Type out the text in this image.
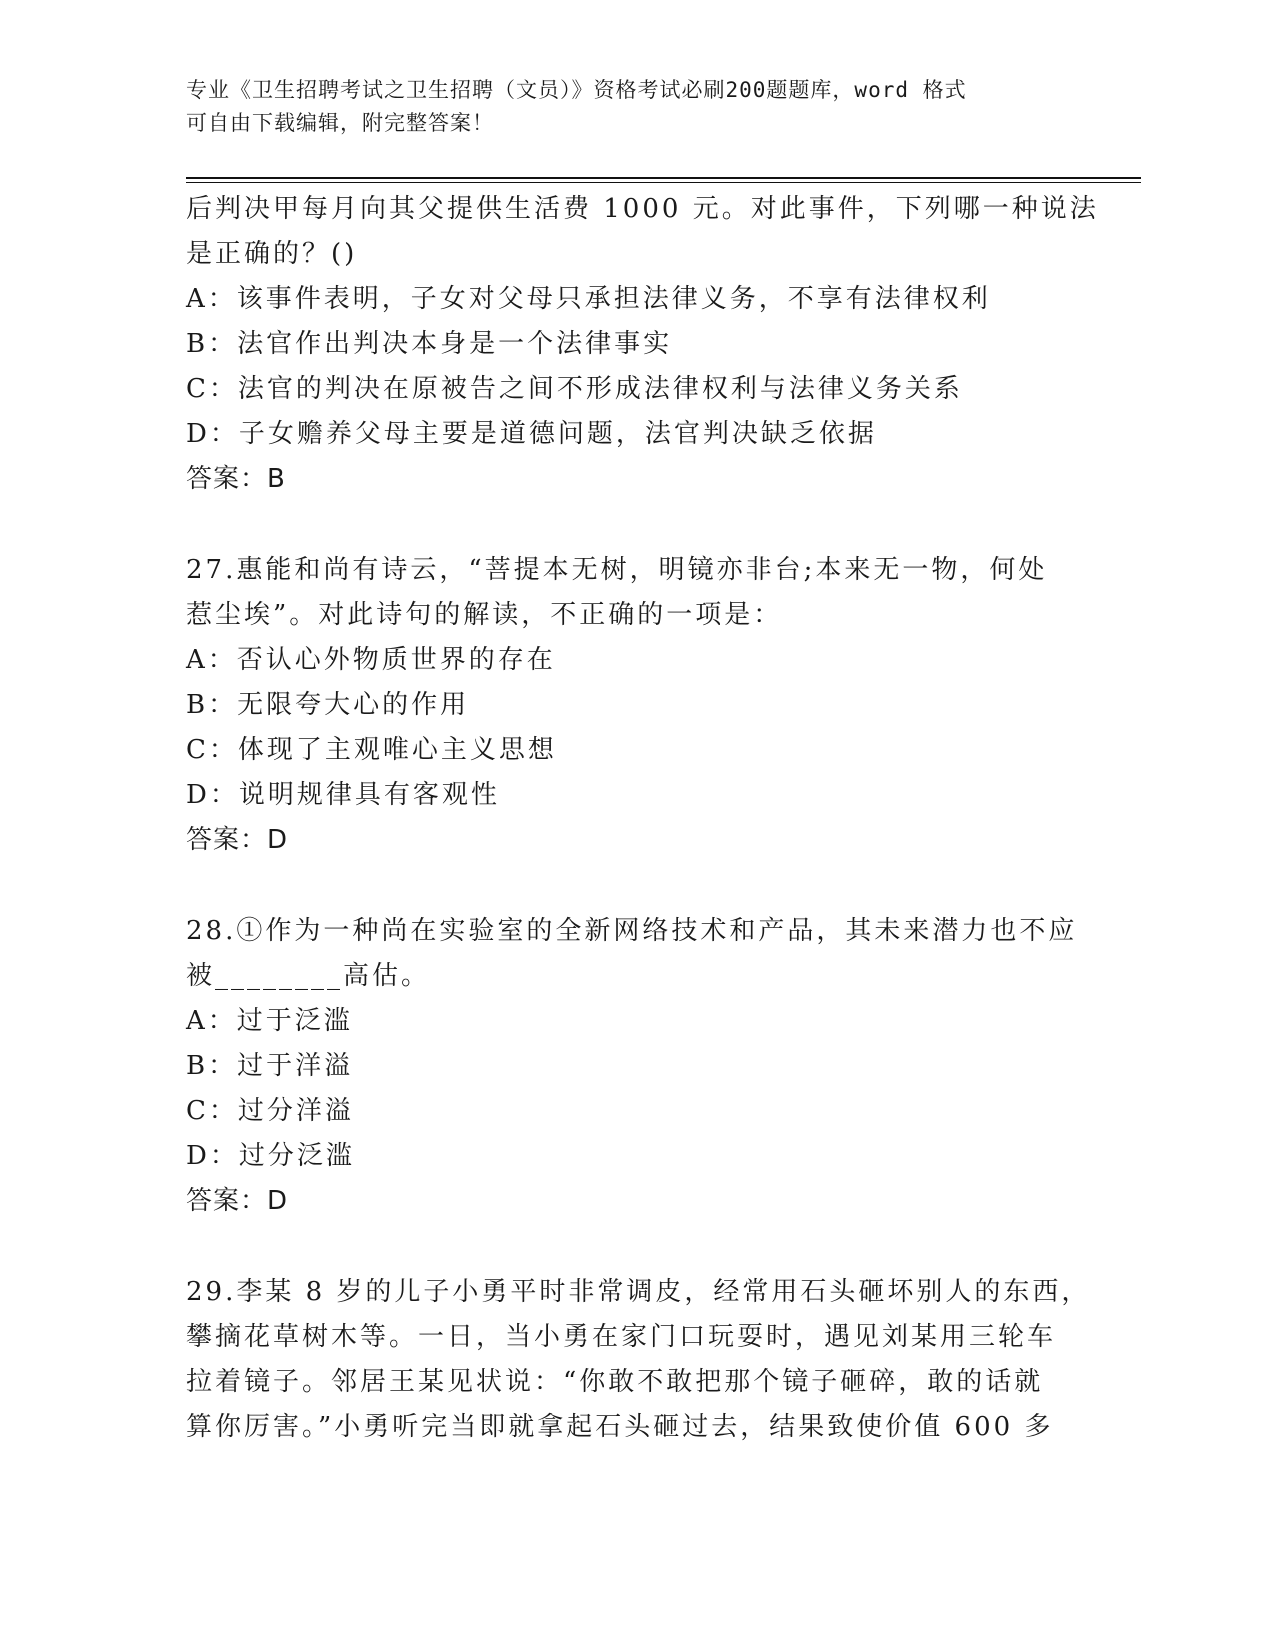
专业《卫生招聘考试之卫生招聘（文员）》资格考试必刷200题题库，word 格式
可自由下载编辑，附完整答案！
后判决甲每月向其父提供生活费 1000 元。对此事件，下列哪一种说法
是正确的？()
A：该事件表明，子女对父母只承担法律义务，不享有法律权利
B：法官作出判决本身是一个法律事实
C：法官的判决在原被告之间不形成法律权利与法律义务关系
D：子女赡养父母主要是道德问题，法官判决缺乏依据
答案：B
27.惠能和尚有诗云，“菩提本无树，明镜亦非台;本来无一物，何处
惹尘埃”。对此诗句的解读，不正确的一项是：
A：否认心外物质世界的存在
B：无限夸大心的作用
C：体现了主观唯心主义思想
D：说明规律具有客观性
答案：D
28.①作为一种尚在实验室的全新网络技术和产品，其未来潜力也不应
被________高估。
A：过于泛滥
B：过于洋溢
C：过分洋溢
D：过分泛滥
答案：D
29.李某 8 岁的儿子小勇平时非常调皮，经常用石头砸坏别人的东西，
攀摘花草树木等。一日，当小勇在家门口玩耍时，遇见刘某用三轮车
拉着镜子。邻居王某见状说：“你敢不敢把那个镜子砸碎，敢的话就
算你厉害。”小勇听完当即就拿起石头砸过去，结果致使价值 600 多
